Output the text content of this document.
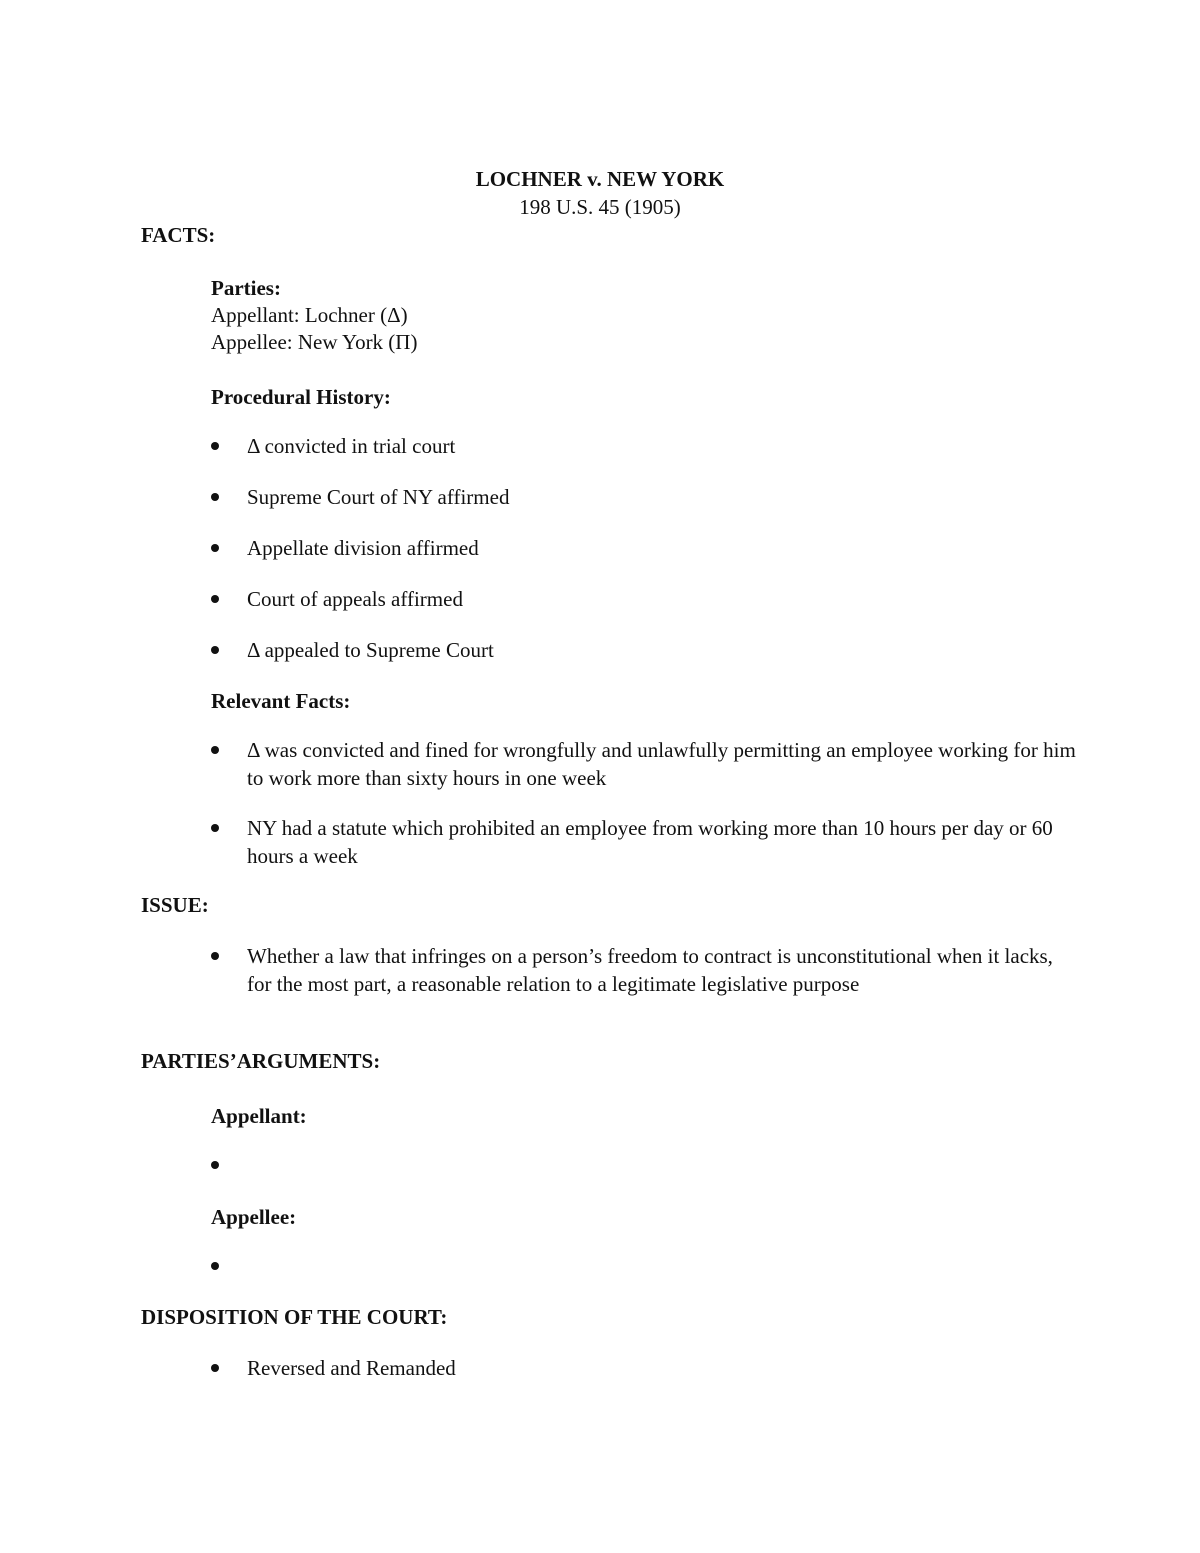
LOCHNER v. NEW YORK
198 U.S. 45 (1905)
FACTS:
Parties:
Appellant: Lochner (Δ)
Appellee: New York (Π)
Procedural History:
Δ convicted in trial court
Supreme Court of NY affirmed
Appellate division affirmed
Court of appeals affirmed
Δ appealed to Supreme Court
Relevant Facts:
Δ was convicted and fined for wrongfully and unlawfully permitting an employee working for him to work more than sixty hours in one week
NY had a statute which prohibited an employee from working more than 10 hours per day or 60 hours a week
ISSUE:
Whether a law that infringes on a person’s freedom to contract is unconstitutional when it lacks, for the most part, a reasonable relation to a legitimate legislative purpose
PARTIES’ARGUMENTS:
Appellant:
Appellee:
DISPOSITION OF THE COURT:
Reversed and Remanded
